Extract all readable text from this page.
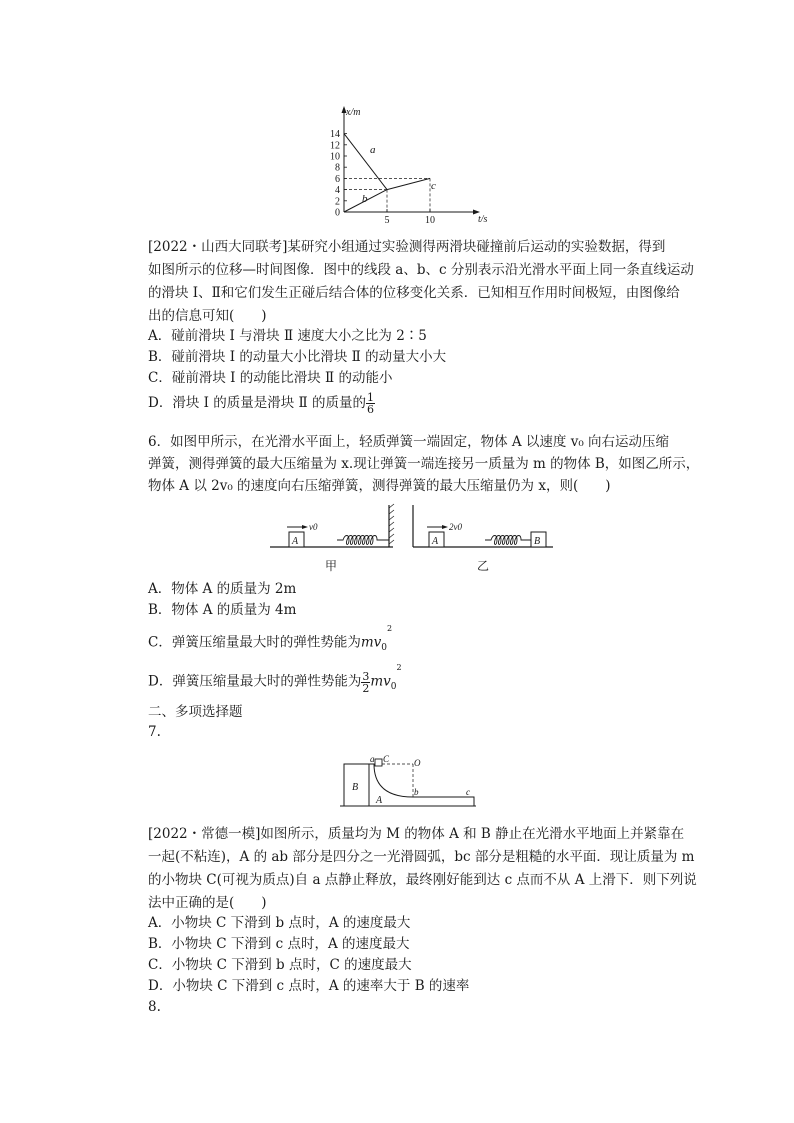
x/m
t/s
14
12
10
8
6
4
2
0
5	10
a
b
c
[2022・山西大同联考]某研究小组通过实验测得两滑块碰撞前后运动的实验数据，得到
如图所示的位移—时间图像．图中的线段 a、b、c 分别表示沿光滑水平面上同一条直线运动
的滑块 Ⅰ、Ⅱ和它们发生正碰后结合体的位移变化关系．已知相互作用时间极短，由图像给
出的信息可知(　　)
A．碰前滑块 Ⅰ 与滑块 Ⅱ 速度大小之比为 2∶5
B．碰前滑块 Ⅰ 的动量大小比滑块 Ⅱ 的动量大小大
C．碰前滑块 Ⅰ 的动能比滑块 Ⅱ 的动能小
D．滑块 Ⅰ 的质量是滑块 Ⅱ 的质量的 $\frac{1}{6}$
6．如图甲所示，在光滑水平面上，轻质弹簧一端固定，物体 A 以速度 v₀ 向右运动压缩
弹簧，测得弹簧的最大压缩量为 x.现让弹簧一端连接另一质量为 m 的物体 B，如图乙所示，
物体 A 以 2v₀ 的速度向右压缩弹簧，测得弹簧的最大压缩量仍为 x，则(　　)
A
v0
甲
A
2v0
B
乙
A．物体 A 的质量为 2m
B．物体 A 的质量为 4m
C．弹簧压缩量最大时的弹性势能为$mv_0^2$
D．弹簧压缩量最大时的弹性势能为 $\frac{3}{2} mv_0^2$
二、多项选择题
7.
B
A
a C	O
b	c
[2022・常德一模]如图所示，质量均为 M 的物体 A 和 B 静止在光滑水平地面上并紧靠在
一起(不粘连)，A 的 ab 部分是四分之一光滑圆弧，bc 部分是粗糙的水平面．现让质量为 m
的小物块 C(可视为质点)自 a 点静止释放，最终刚好能到达 c 点而不从 A 上滑下．则下列说
法中正确的是(　　)
A．小物块 C 下滑到 b 点时，A 的速度最大
B．小物块 C 下滑到 c 点时，A 的速度最大
C．小物块 C 下滑到 b 点时，C 的速度最大
D．小物块 C 下滑到 c 点时，A 的速率大于 B 的速率
8.
